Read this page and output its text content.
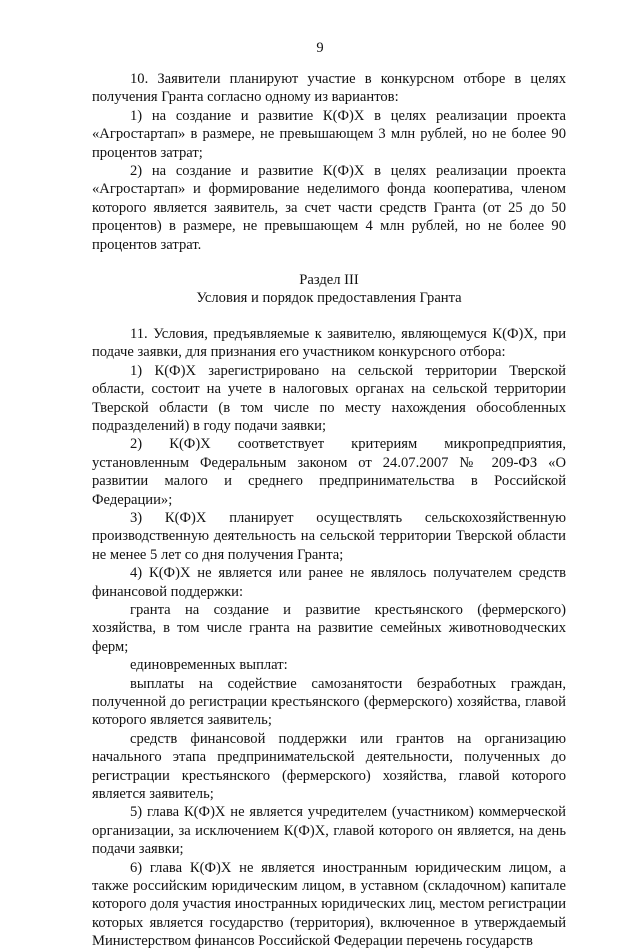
9

10. Заявители планируют участие в конкурсном отборе в целях получения Гранта согласно одному из вариантов:

1) на создание и развитие К(Ф)Х в целях реализации проекта «Агростартап» в размере, не превышающем 3 млн рублей, но не более 90 процентов затрат;

2) на создание и развитие К(Ф)Х в целях реализации проекта «Агростартап» и формирование неделимого фонда кооператива, членом которого является заявитель, за счет части средств Гранта (от 25 до 50 процентов) в размере, не превышающем 4 млн рублей, но не более 90 процентов затрат.

Раздел III

Условия и порядок предоставления Гранта

11. Условия, предъявляемые к заявителю, являющемуся К(Ф)Х, при подаче заявки, для признания его участником конкурсного отбора:

1) К(Ф)Х зарегистрировано на сельской территории Тверской области, состоит на учете в налоговых органах на сельской территории Тверской области (в том числе по месту нахождения обособленных подразделений) в году подачи заявки;

2) К(Ф)Х соответствует критериям микропредприятия, установленным Федеральным законом от 24.07.2007 № 209-ФЗ «О развитии малого и среднего предпринимательства в Российской Федерации»;

3) К(Ф)Х планирует осуществлять сельскохозяйственную производственную деятельность на сельской территории Тверской области не менее 5 лет со дня получения Гранта;

4) К(Ф)Х не является или ранее не являлось получателем средств финансовой поддержки:

гранта на создание и развитие крестьянского (фермерского) хозяйства, в том числе гранта на развитие семейных животноводческих ферм;

единовременных выплат:

выплаты на содействие самозанятости безработных граждан, полученной до регистрации крестьянского (фермерского) хозяйства, главой которого является заявитель;

средств финансовой поддержки или грантов на организацию начального этапа предпринимательской деятельности, полученных до регистрации крестьянского (фермерского) хозяйства, главой которого является заявитель;

5) глава К(Ф)Х не является учредителем (участником) коммерческой организации, за исключением К(Ф)Х, главой которого он является, на день подачи заявки;

6) глава К(Ф)Х не является иностранным юридическим лицом, а также российским юридическим лицом, в уставном (складочном) капитале которого доля участия иностранных юридических лиц, местом регистрации которых является государство (территория), включенное в утверждаемый Министерством финансов Российской Федерации перечень государств
